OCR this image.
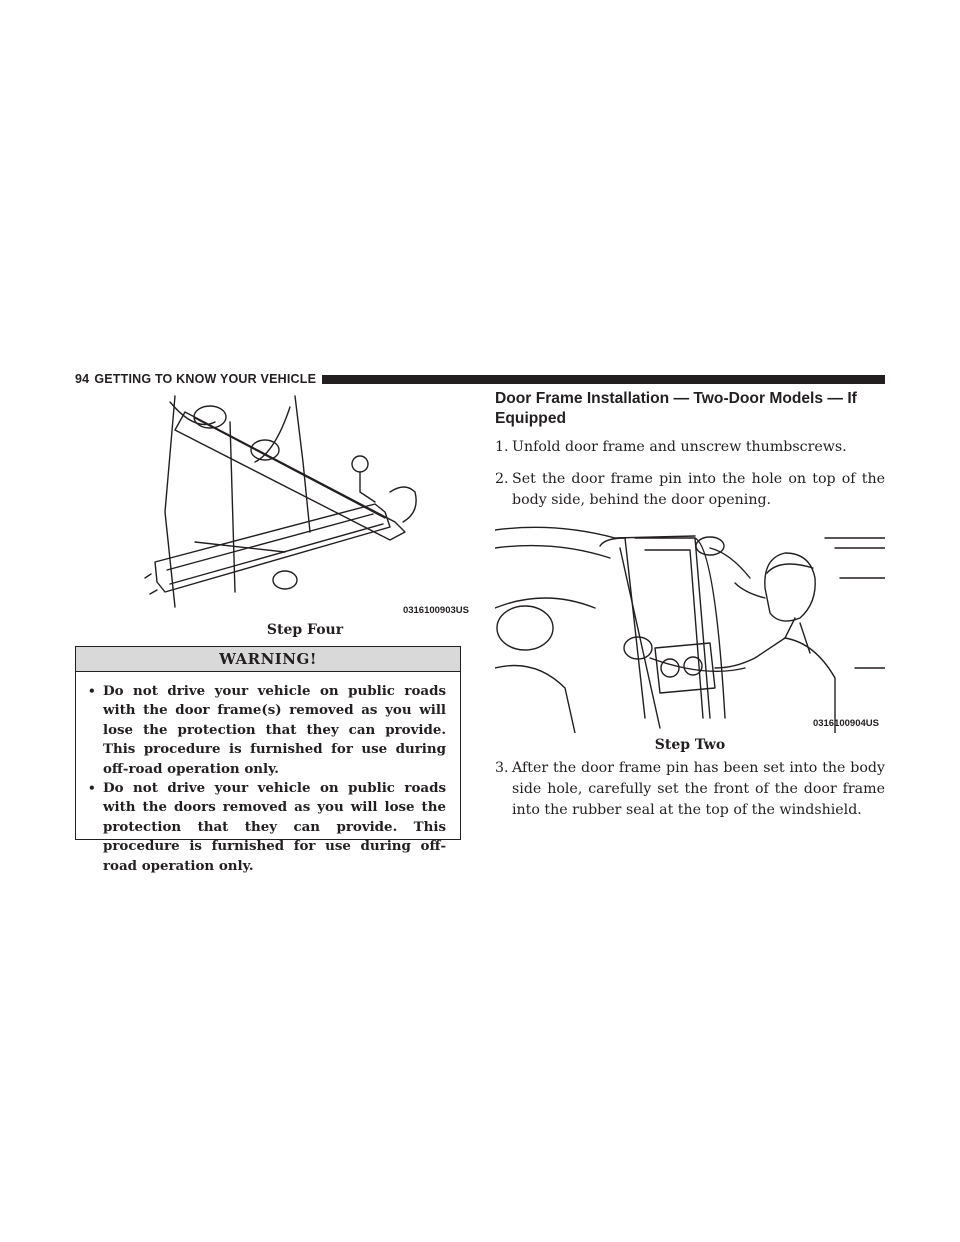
94 GETTING TO KNOW YOUR VEHICLE
0316100903US
Step Four
WARNING!
• Do not drive your vehicle on public roads with the door frame(s) removed as you will lose the protection that they can provide. This procedure is furnished for use during off-road operation only.
• Do not drive your vehicle on public roads with the doors removed as you will lose the protection that they can provide. This procedure is furnished for use during off-road operation only.
Door Frame Installation — Two-Door Models — If Equipped
1. Unfold door frame and unscrew thumbscrews.
2. Set the door frame pin into the hole on top of the body side, behind the door opening.
0316100904US
Step Two
3. After the door frame pin has been set into the body side hole, carefully set the front of the door frame into the rubber seal at the top of the windshield.
